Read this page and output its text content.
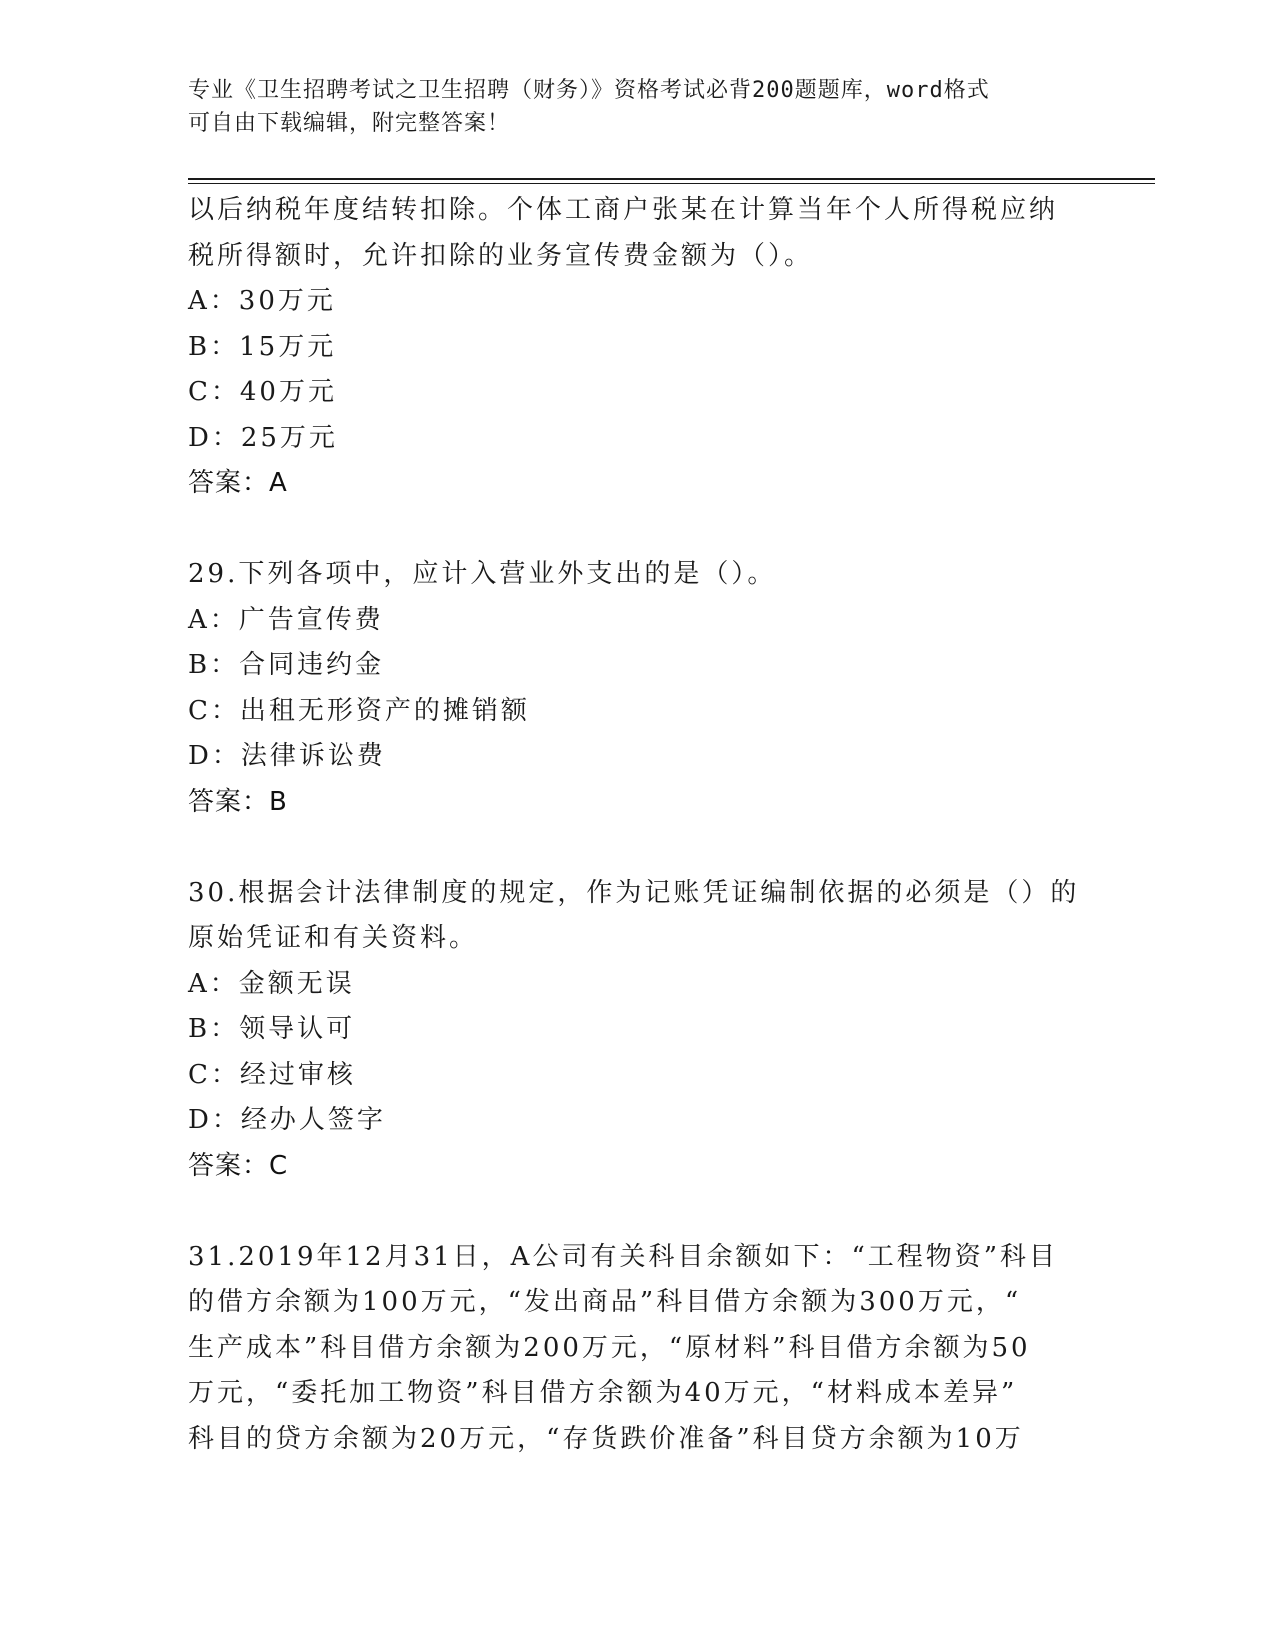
专业《卫生招聘考试之卫生招聘（财务）》资格考试必背200题题库，word格式
可自由下载编辑，附完整答案！
以后纳税年度结转扣除。个体工商户张某在计算当年个人所得税应纳
税所得额时，允许扣除的业务宣传费金额为（）。
A：30万元
B：15万元
C：40万元
D：25万元
答案：A
29.下列各项中，应计入营业外支出的是（）。
A：广告宣传费
B：合同违约金
C：出租无形资产的摊销额
D：法律诉讼费
答案：B
30.根据会计法律制度的规定，作为记账凭证编制依据的必须是（）的
原始凭证和有关资料。
A：金额无误
B：领导认可
C：经过审核
D：经办人签字
答案：C
31.2019年12月31日，A公司有关科目余额如下：“工程物资”科目
的借方余额为100万元，“发出商品”科目借方余额为300万元，“
生产成本”科目借方余额为200万元，“原材料”科目借方余额为50
万元，“委托加工物资”科目借方余额为40万元，“材料成本差异”
科目的贷方余额为20万元，“存货跌价准备”科目贷方余额为10万
